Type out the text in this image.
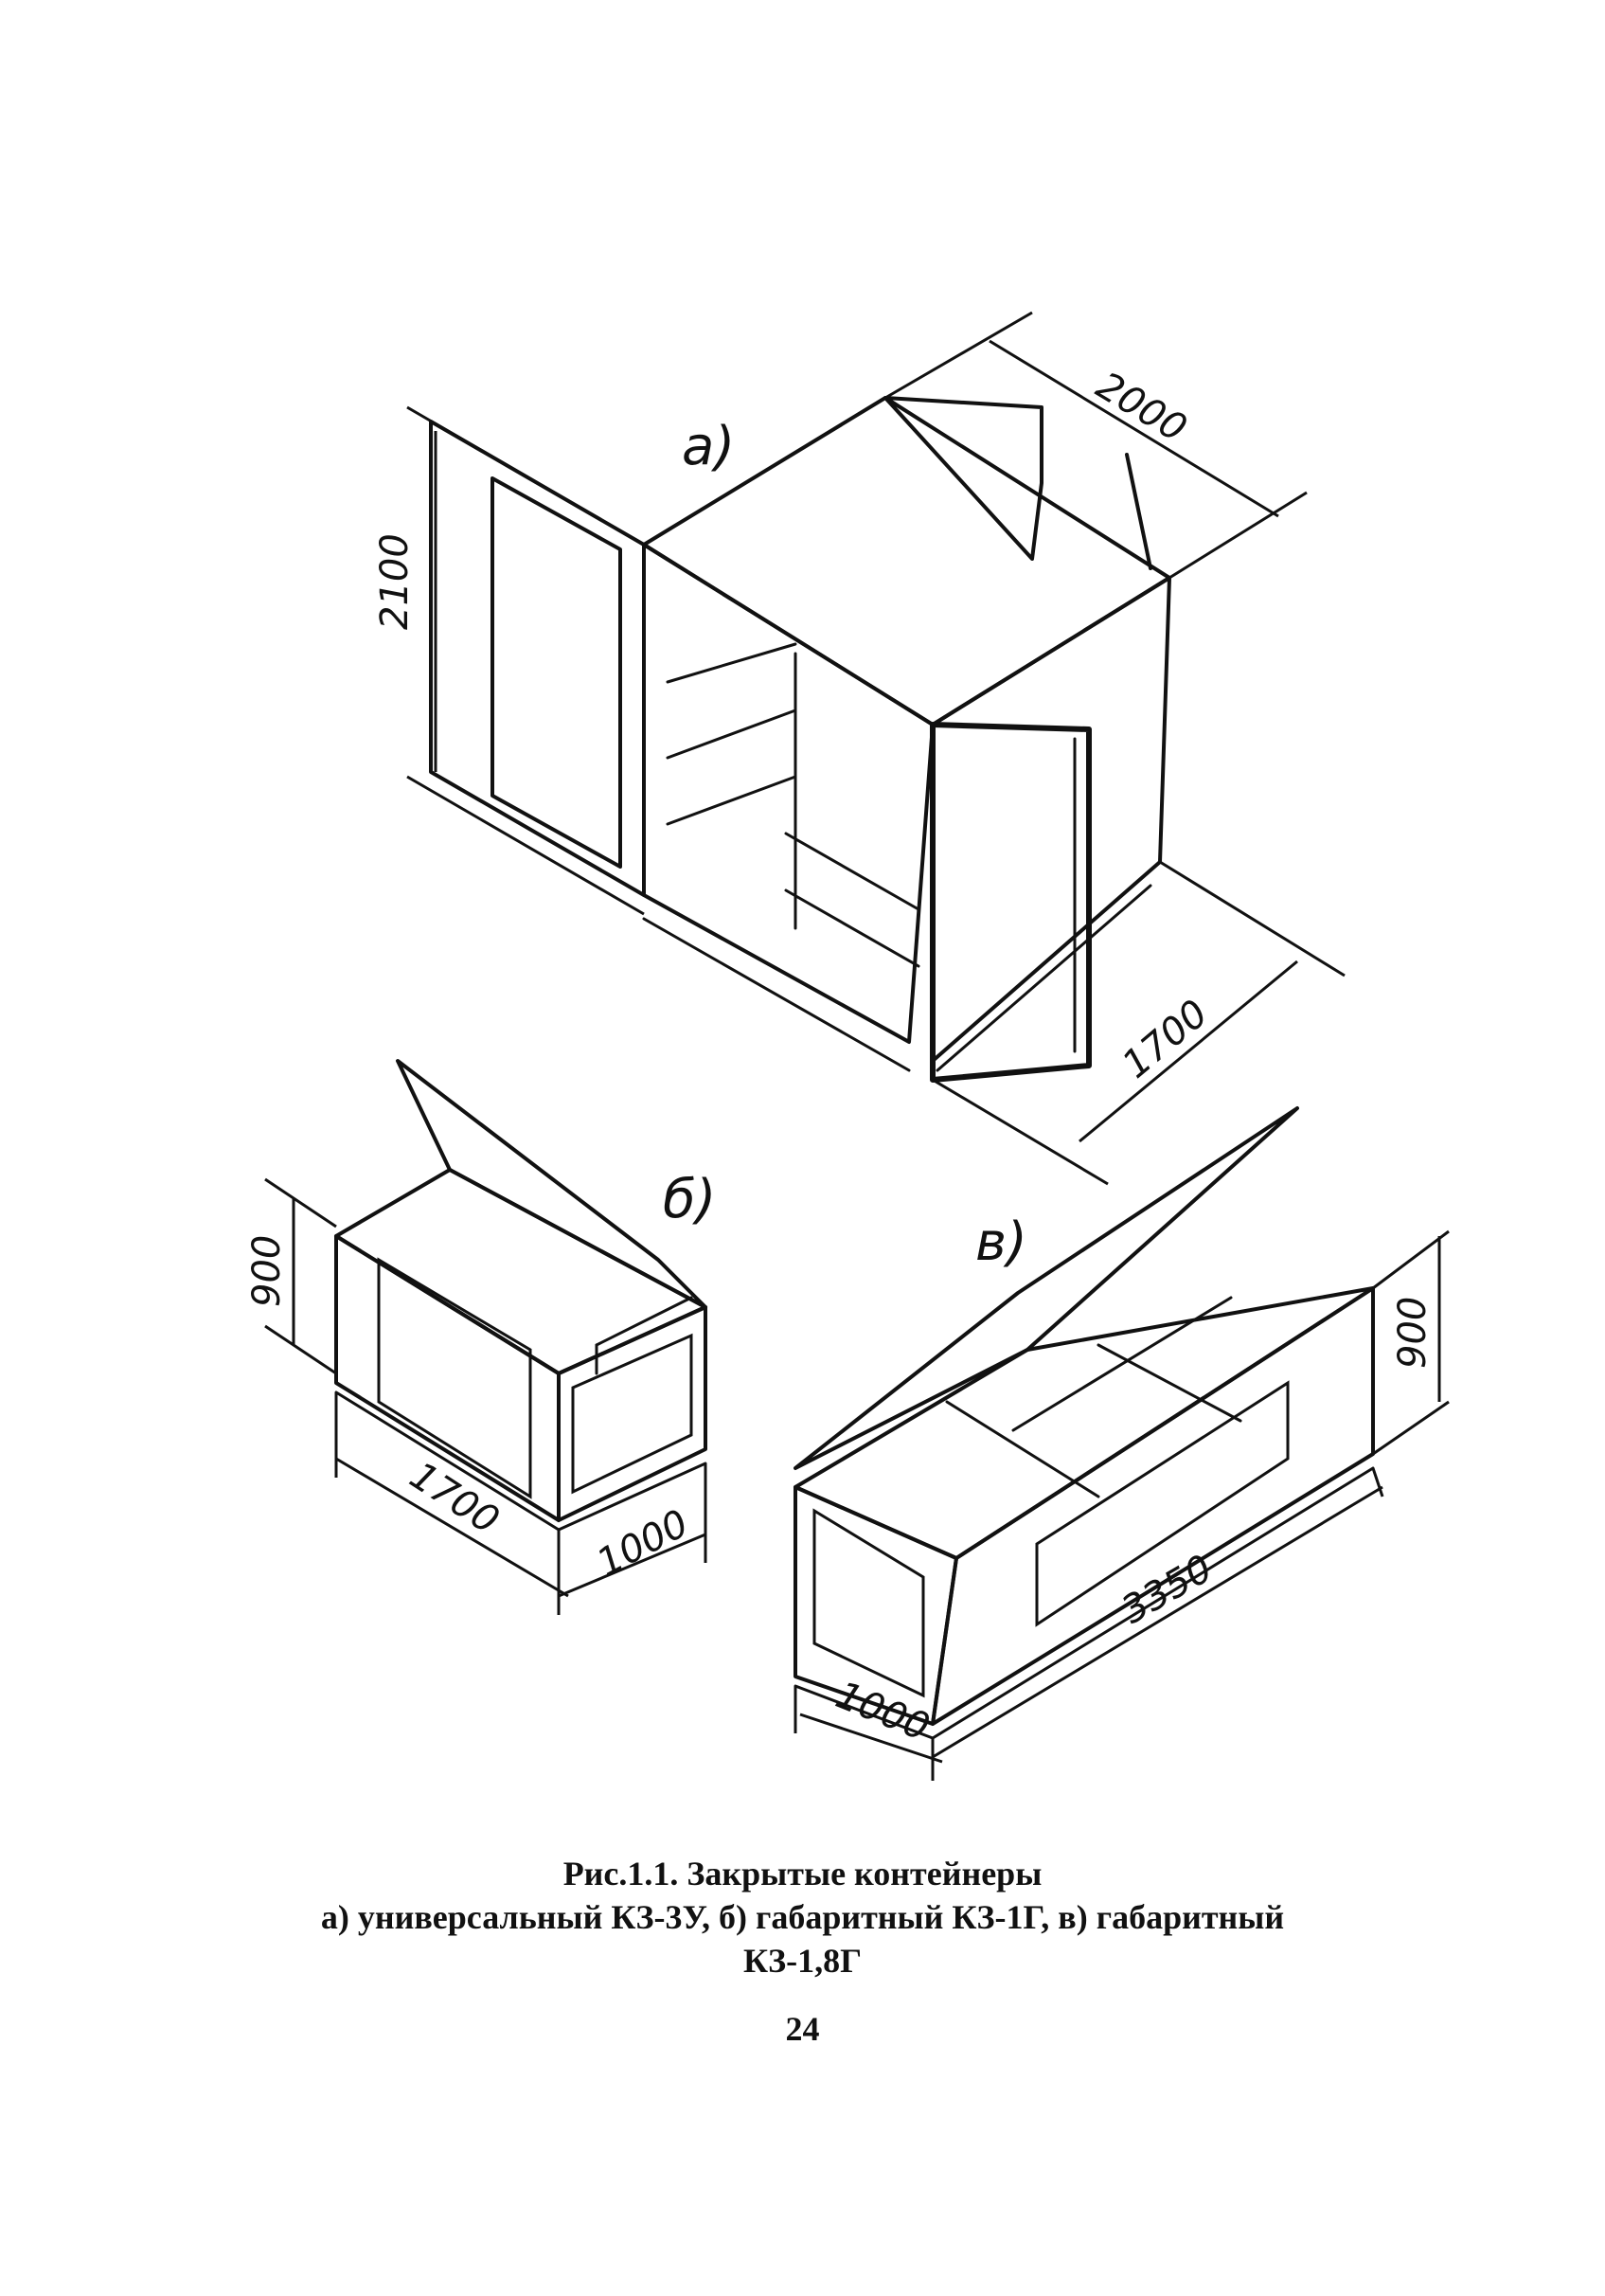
а)
2100
2000
1700
б)
900
1700
1000
в)
900
3350
1000
Рис.1.1. Закрытые контейнеры
а) универсальный КЗ-3У, б) габаритный КЗ-1Г, в) габаритный
КЗ-1,8Г
24
